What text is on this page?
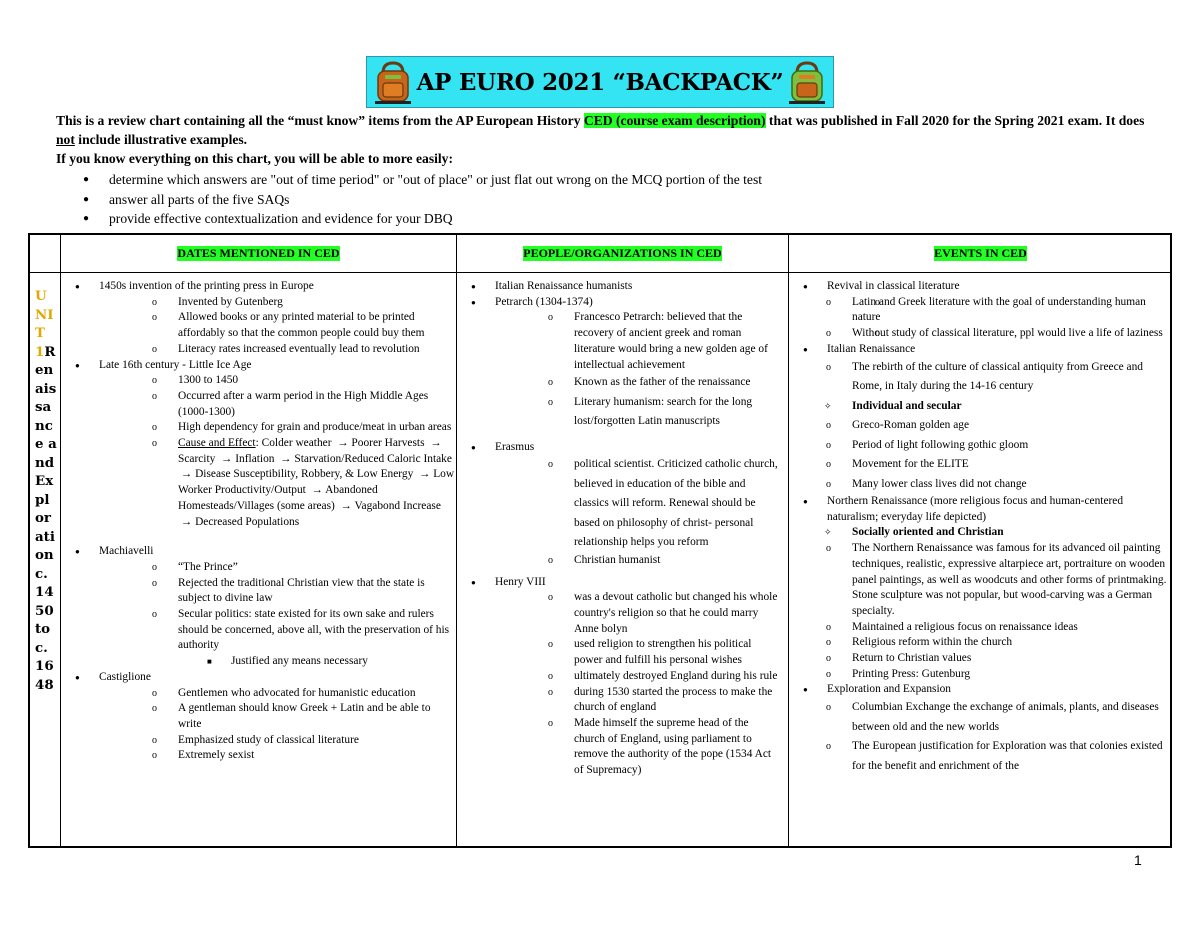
AP EURO 2021 “BACKPACK”

This is a review chart containing all the “must know” items from the AP European History CED (course exam description) that was published in Fall 2020 for the Spring 2021 exam. It does not include illustrative examples.

If you know everything on this chart, you will be able to more easily:

● determine which answers are "out of time period" or "out of place" or just flat out wrong on the MCQ portion of the test
● answer all parts of the five SAQs
● provide effective contextualization and evidence for your DBQ
DATES MENTIONED IN CED	PEOPLE/ORGANIZATIONS IN CED	EVENTS IN CED
UNIT 1Renaissance and Exploration c.1450 to c.1648
● 1450s invention of the printing press in Europe
o Invented by Gutenberg
o Allowed books or any printed material to be printed affordably so that the common people could buy them
o Literacy rates increased eventually lead to revolution
● Late 16th century - Little Ice Age
o 1300 to 1450
o Occurred after a warm period in the High Middle Ages (1000-1300)
o High dependency for grain and produce/meat in urban areas
o Cause and Effect: Colder weather  → Poorer Harvests  → Scarcity  → Inflation  → Starvation/Reduced Caloric Intake  → Disease Susceptibility, Robbery, & Low Energy  → Low Worker Productivity/Output  → Abandoned Homesteads/Villages (some areas)  → Vagabond Increase  → Decreased Populations
● Machiavelli
o “The Prince”
o Rejected the traditional Christian view that the state is subject to divine law
o Secular politics: state existed for its own sake and rulers should be concerned, above all, with the preservation of his authority
■ Justified any means necessary
● Castiglione
o Gentlemen who advocated for humanistic education
o A gentleman should know Greek + Latin and be able to write
o Emphasized study of classical literature
o Extremely sexist
● Italian Renaissance humanists
● Petrarch (1304-1374)
o Francesco Petrarch: believed that the recovery of ancient greek and roman literature would bring a new golden age of intellectual achievement
o Known as the father of the renaissance
o Literary humanism: search for the long lost/forgotten Latin manuscripts
● Erasmus
o political scientist. Criticized catholic church, believed in education of the bible and classics will reform. Renewal should be based on philosophy of christ- personal relationship helps you reform
o Christian humanist
● Henry VIII
o was a devout catholic but changed his whole country's religion so that he could marry Anne bolyn
o used religion to strengthen his political power and fulfill his personal wishes
o ultimately destroyed England during his rule
o during 1530 started the process to make the church of england
o Made himself the supreme head of the church of England, using parliament to remove the authority of the pope (1534 Act of Supremacy)
● Revival in classical literature
o o Latin and Greek literature with the goal of understanding human nature
o o Without study of classical literature, ppl would live a life of laziness
● Italian Renaissance
o The rebirth of the culture of classical antiquity from Greece and Rome, in Italy during the 14-16 century
✧ Individual and secular
o Greco-Roman golden age
o Period of light following gothic gloom
o Movement for the ELITE
o Many lower class lives did not change
● Northern Renaissance (more religious focus and human-centered naturalism; everyday life depicted)
✧ Socially oriented and Christian
o The Northern Renaissance was famous for its advanced oil painting techniques, realistic, expressive altarpiece art, portraiture on wooden panel paintings, as well as woodcuts and other forms of printmaking. Stone sculpture was not popular, but wood-carving was a German specialty.
o Maintained a religious focus on renaissance ideas
o Religious reform within the church
o Return to Christian values
o Printing Press: Gutenburg
● Exploration and Expansion
o Columbian Exchange the exchange of animals, plants, and diseases between old and the new worlds
o The European justification for Exploration was that colonies existed for the benefit and enrichment of the
1
